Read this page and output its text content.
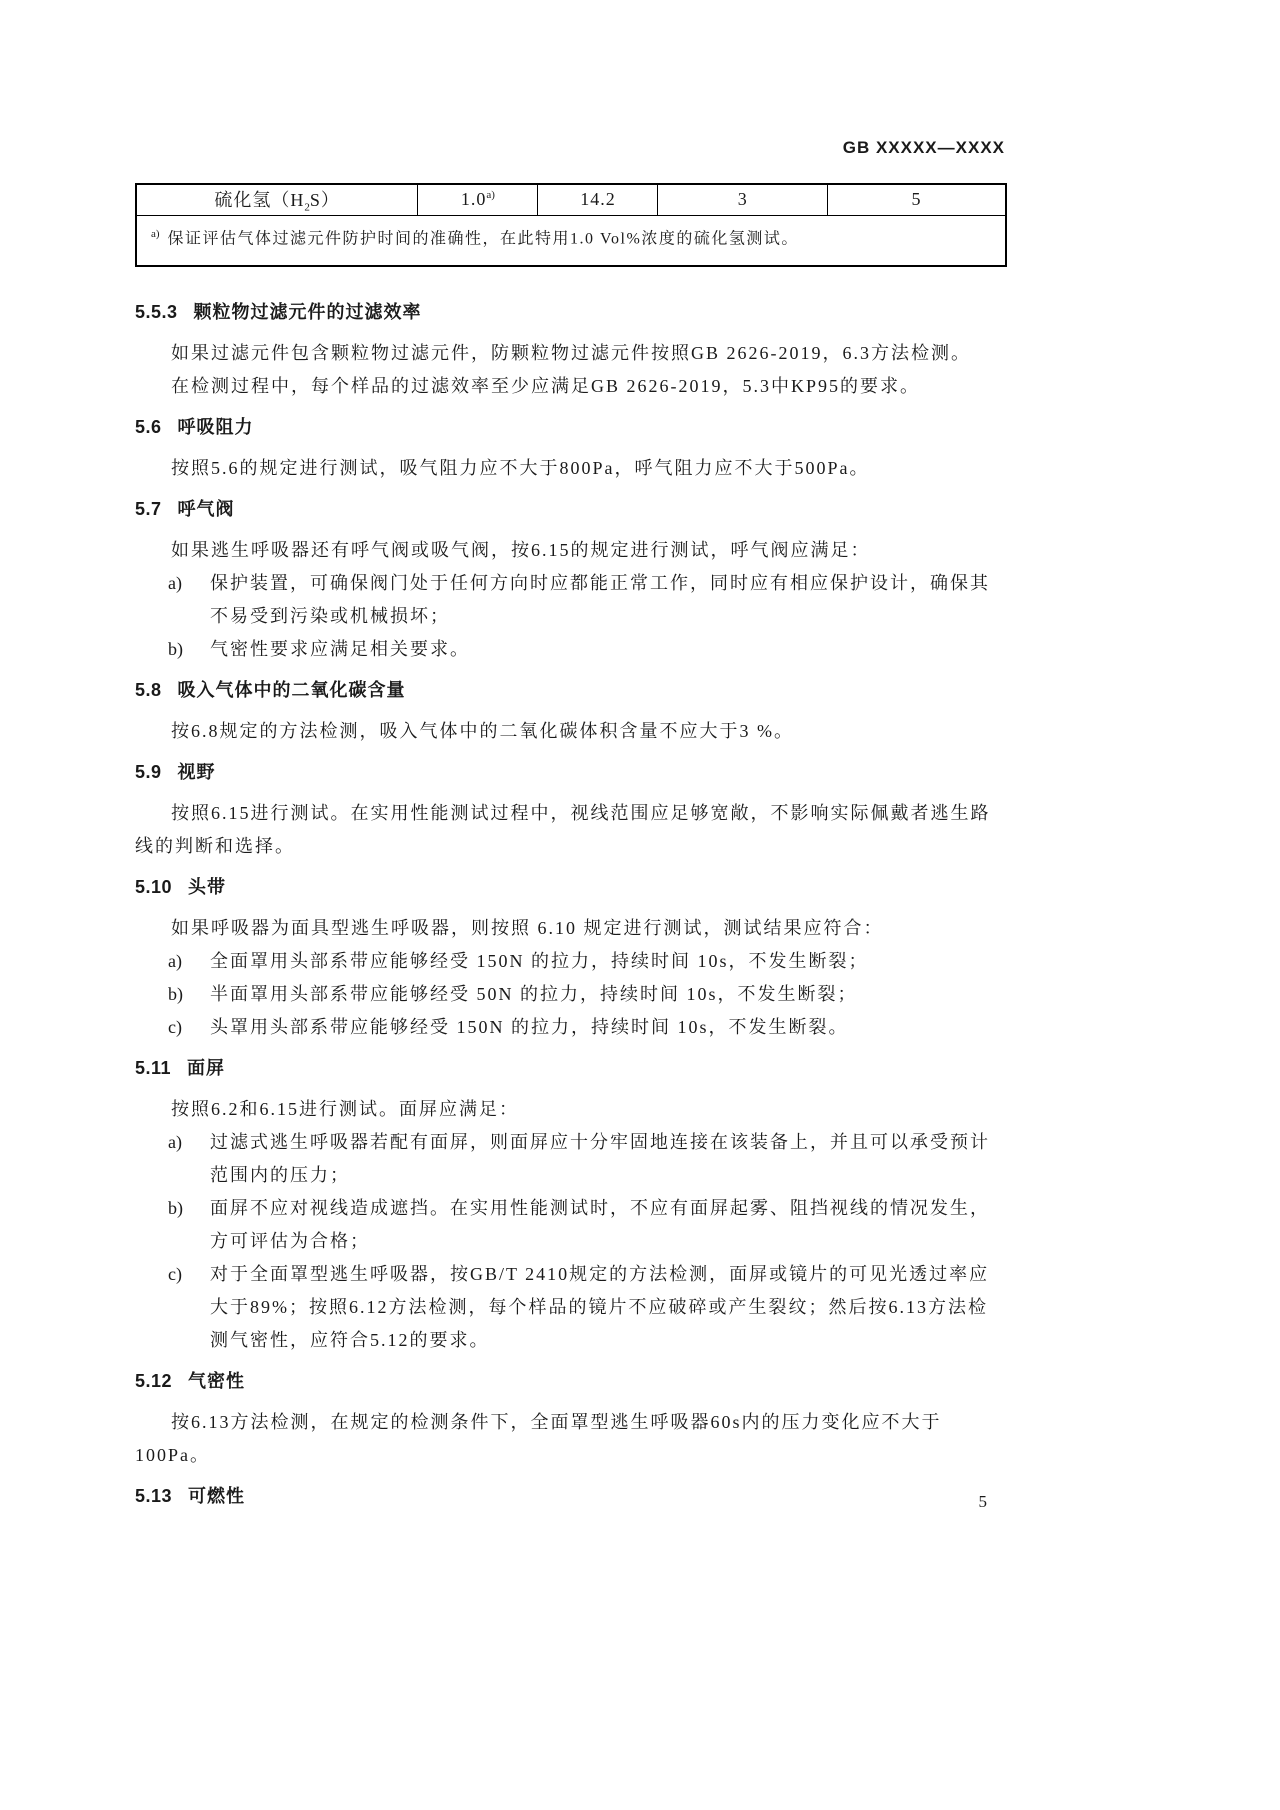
GB XXXXX—XXXX
硫化氢$(H_2S)$	1.0$^{a)}$	14.2	3	5
$^{a)}$ 保证评估气体过滤元件防护时间的准确性，在此特用1.0 Vol%浓度的硫化氢测试。
5.5.3 颗粒物过滤元件的过滤效率

如果过滤元件包含颗粒物过滤元件，防颗粒物过滤元件按照GB 2626-2019，6.3方法检测。

在检测过程中，每个样品的过滤效率至少应满足GB 2626-2019，5.3中KP95的要求。

5.6 呼吸阻力

按照5.6的规定进行测试，吸气阻力应不大于800Pa，呼气阻力应不大于500Pa。

5.7 呼气阀

如果逃生呼吸器还有呼气阀或吸气阀，按6.15的规定进行测试，呼气阀应满足：

a)	保护装置，可确保阀门处于任何方向时应都能正常工作，同时应有相应保护设计，确保其不易受到污染或机械损坏；
b)	气密性要求应满足相关要求。
5.8 吸入气体中的二氧化碳含量

按6.8规定的方法检测，吸入气体中的二氧化碳体积含量不应大于3 %。

5.9 视野

按照6.15进行测试。在实用性能测试过程中，视线范围应足够宽敞，不影响实际佩戴者逃生路线的判断和选择。

5.10 头带

如果呼吸器为面具型逃生呼吸器，则按照 6.10 规定进行测试，测试结果应符合：

a)	全面罩用头部系带应能够经受 150N 的拉力，持续时间 10s，不发生断裂；
b)	半面罩用头部系带应能够经受 50N 的拉力，持续时间 10s，不发生断裂；
c)	头罩用头部系带应能够经受 150N 的拉力，持续时间 10s，不发生断裂。
5.11 面屏

按照6.2和6.15进行测试。面屏应满足：

a)	过滤式逃生呼吸器若配有面屏，则面屏应十分牢固地连接在该装备上，并且可以承受预计范围内的压力；
b)	面屏不应对视线造成遮挡。在实用性能测试时，不应有面屏起雾、阻挡视线的情况发生，方可评估为合格；
c)	对于全面罩型逃生呼吸器，按GB/T 2410规定的方法检测，面屏或镜片的可见光透过率应大于89%；按照6.12方法检测，每个样品的镜片不应破碎或产生裂纹；然后按6.13方法检测气密性，应符合5.12的要求。
5.12 气密性

按6.13方法检测，在规定的检测条件下，全面罩型逃生呼吸器60s内的压力变化应不大于100Pa。

5.13 可燃性	5
